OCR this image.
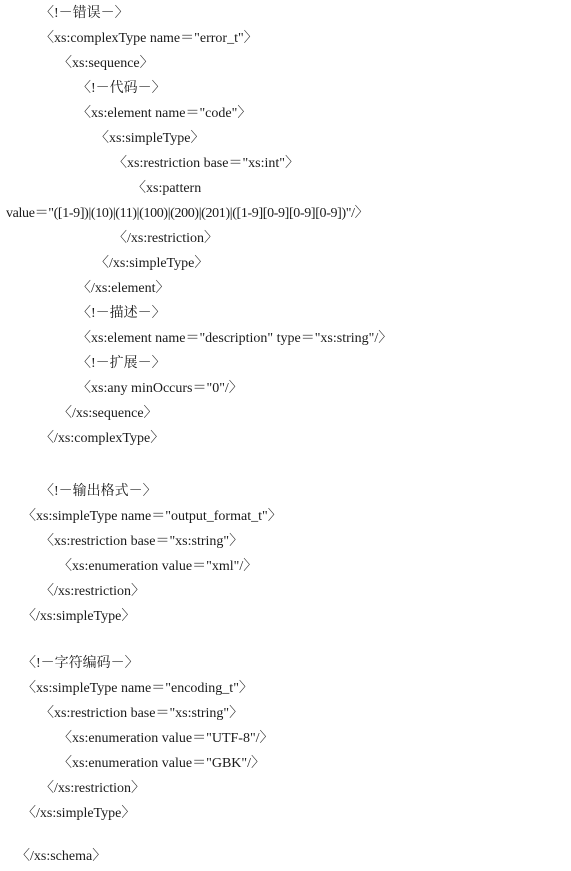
〈!－错误－〉
〈xs:complexType name＝"error_t"〉
〈xs:sequence〉
〈!－代码－〉
〈xs:element name＝"code"〉
〈xs:simpleType〉
〈xs:restriction base＝"xs:int"〉
〈xs:pattern
value＝"([1-9])|(10)|(11)|(100)|(200)|(201)|([1-9][0-9][0-9][0-9])"/〉
〈/xs:restriction〉
〈/xs:simpleType〉
〈/xs:element〉
〈!－描述－〉
〈xs:element name＝"description" type＝"xs:string"/〉
〈!－扩展－〉
〈xs:any minOccurs＝"0"/〉
〈/xs:sequence〉
〈/xs:complexType〉
〈!－输出格式－〉
〈xs:simpleType name＝"output_format_t"〉
〈xs:restriction base＝"xs:string"〉
〈xs:enumeration value＝"xml"/〉
〈/xs:restriction〉
〈/xs:simpleType〉
〈!－字符编码－〉
〈xs:simpleType name＝"encoding_t"〉
〈xs:restriction base＝"xs:string"〉
〈xs:enumeration value＝"UTF-8"/〉
〈xs:enumeration value＝"GBK"/〉
〈/xs:restriction〉
〈/xs:simpleType〉
〈/xs:schema〉
